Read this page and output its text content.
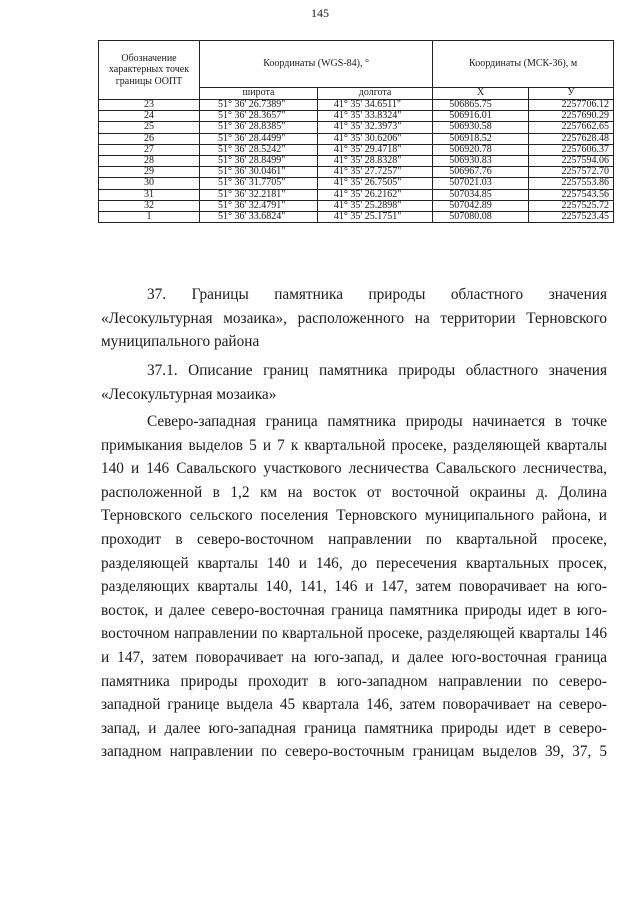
145
Обозначение характерных точек границы ООПТ	Координаты (WGS-84), °		Координаты (МСК-36), м	
	широта	долгота	X	У
23	51° 36' 26.7389"	41° 35' 34.6511"	506865.75	2257706.12
24	51° 36' 28.3657"	41° 35' 33.8324"	506916.01	2257690.29
25	51° 36' 28.8385"	41° 35' 32.3973"	506930.58	2257662.65
26	51° 36' 28.4499"	41° 35' 30.6206"	506918.52	2257628.48
27	51° 36' 28.5242"	41° 35' 29.4718"	506920.78	2257606.37
28	51° 36' 28.8499"	41° 35' 28.8328"	506930.83	2257594.06
29	51° 36' 30.0461"	41° 35' 27.7257"	506967.76	2257572.70
30	51° 36' 31.7705"	41° 35' 26.7505"	507021.03	2257553.86
31	51° 36' 32.2181"	41° 35' 26.2162"	507034.85	2257543.56
32	51° 36' 32.4791"	41° 35' 25.2898"	507042.89	2257525.72
1	51° 36' 33.6824"	41° 35' 25.1751"	507080.08	2257523.45

37. Границы памятника природы областного значения

«Лесокультурная мозаика», расположенного на территории Терновского
муниципального района

37.1. Описание границ памятника природы областного значения

«Лесокультурная мозаика»

Северо-западная граница памятника природы начинается в точке

примыкания выделов 5 и 7 к квартальной просеке, разделяющей кварталы
140 и 146 Савальского участкового лесничества Савальского лесничества,
расположенной в 1,2 км на восток от восточной окраины д. Долина
Терновского сельского поселения Терновского муниципального района, и
проходит в северо-восточном направлении по квартальной просеке,
разделяющей кварталы 140 и 146, до пересечения квартальных просек,
разделяющих кварталы 140, 141, 146 и 147, затем поворачивает на юго-
восток, и далее северо-восточная граница памятника природы идет в юго-
восточном направлении по квартальной просеке, разделяющей кварталы 146
и 147, затем поворачивает на юго-запад, и далее юго-восточная граница
памятника природы проходит в юго-западном направлении по северо-
западной границе выдела 45 квартала 146, затем поворачивает на северо-
запад, и далее юго-западная граница памятника природы идет в северо-
западном направлении по северо-восточным границам выделов 39, 37, 5
